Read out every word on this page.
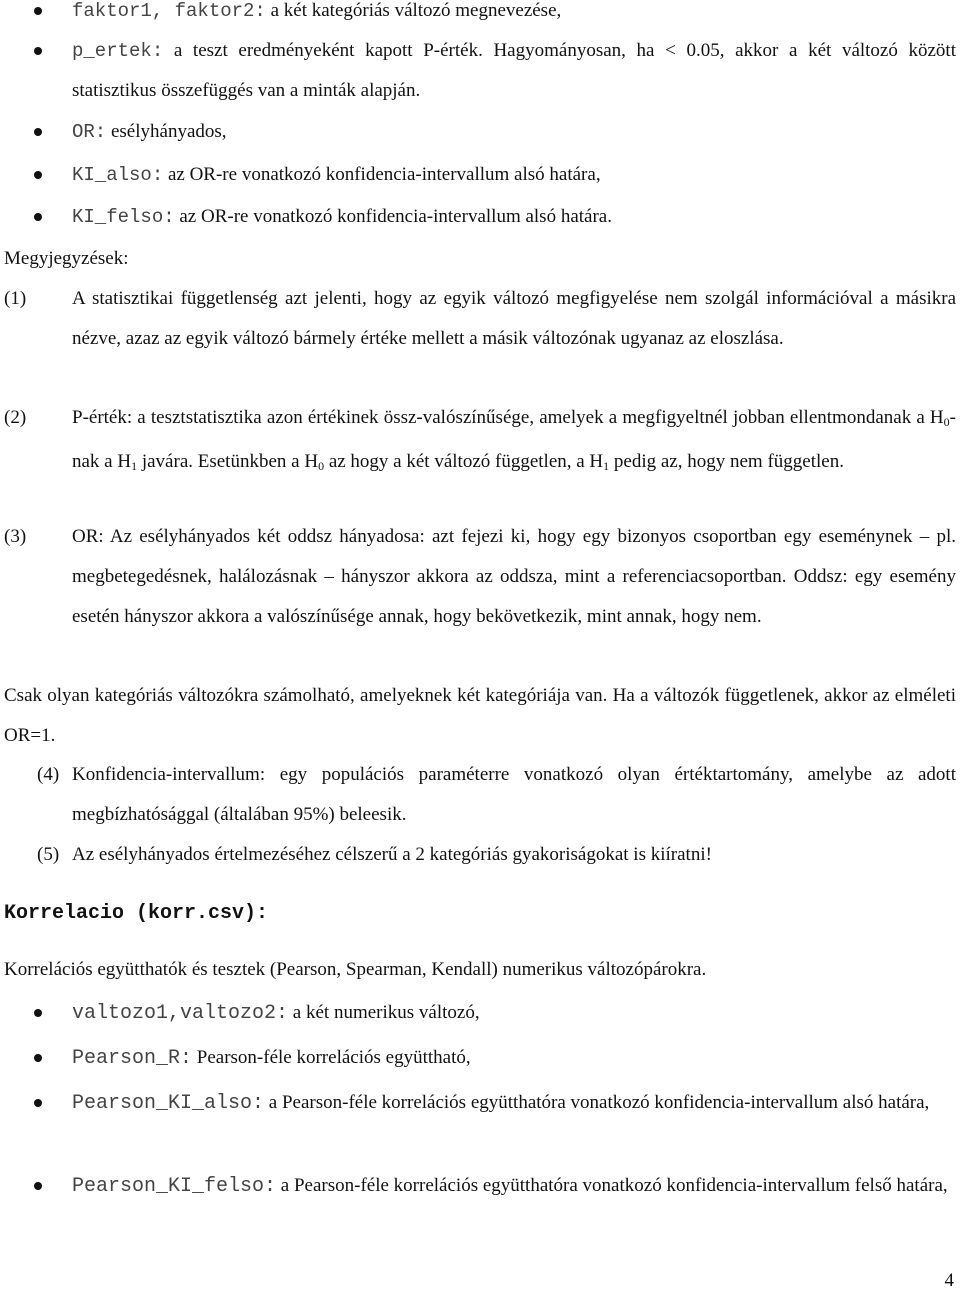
faktor1, faktor2: a két kategóriás változó megnevezése,
p_ertek: a teszt eredményeként kapott P-érték. Hagyományosan, ha < 0.05, akkor a két változó között statisztikus összefüggés van a minták alapján.
OR: esélyhányados,
KI_also: az OR-re vonatkozó konfidencia-intervallum alsó határa,
KI_felso: az OR-re vonatkozó konfidencia-intervallum alsó határa.
Megyjegyzések:
(1) A statisztikai függetlenség azt jelenti, hogy az egyik változó megfigyelése nem szolgál információval a másikra nézve, azaz az egyik változó bármely értéke mellett a másik változónak ugyanaz az eloszlása.
(2) P-érték: a tesztstatisztika azon értékinek össz-valószínűsége, amelyek a megfigyeltnél jobban ellentmondanak a $H_0$-nak a $H_1$ javára. Esetünkben a $H_0$ az hogy a két változó független, a $H_1$ pedig az, hogy nem független.
(3) OR: Az esélyhányados két oddsz hányadosa: azt fejezi ki, hogy egy bizonyos csoportban egy eseménynek – pl. megbetegedésnek, halálozásnak – hányszor akkora az oddsza, mint a referenciacsoportban. Oddsz: egy esemény esetén hányszor akkora a valószínűsége annak, hogy bekövetkezik, mint annak, hogy nem.
Csak olyan kategóriás változókra számolható, amelyeknek két kategóriája van. Ha a változók függetlenek, akkor az elméleti OR=1.
(4) Konfidencia-intervallum: egy populációs paraméterre vonatkozó olyan értéktartomány, amelybe az adott megbízhatósággal (általában 95%) beleesik.
(5) Az esélyhányados értelmezéséhez célszerű a 2 kategóriás gyakoriságokat is kiíratni!
Korrelacio (korr.csv):
Korrelációs együtthatók és tesztek (Pearson, Spearman, Kendall) numerikus változópárokra.
valtozo1,valtozo2: a két numerikus változó,
Pearson_R: Pearson-féle korrelációs együttható,
Pearson_KI_also: a Pearson-féle korrelációs együtthatóra vonatkozó konfidencia-intervallum alsó határa,
Pearson_KI_felso: a Pearson-féle korrelációs együtthatóra vonatkozó konfidencia-intervallum felső határa,
4
